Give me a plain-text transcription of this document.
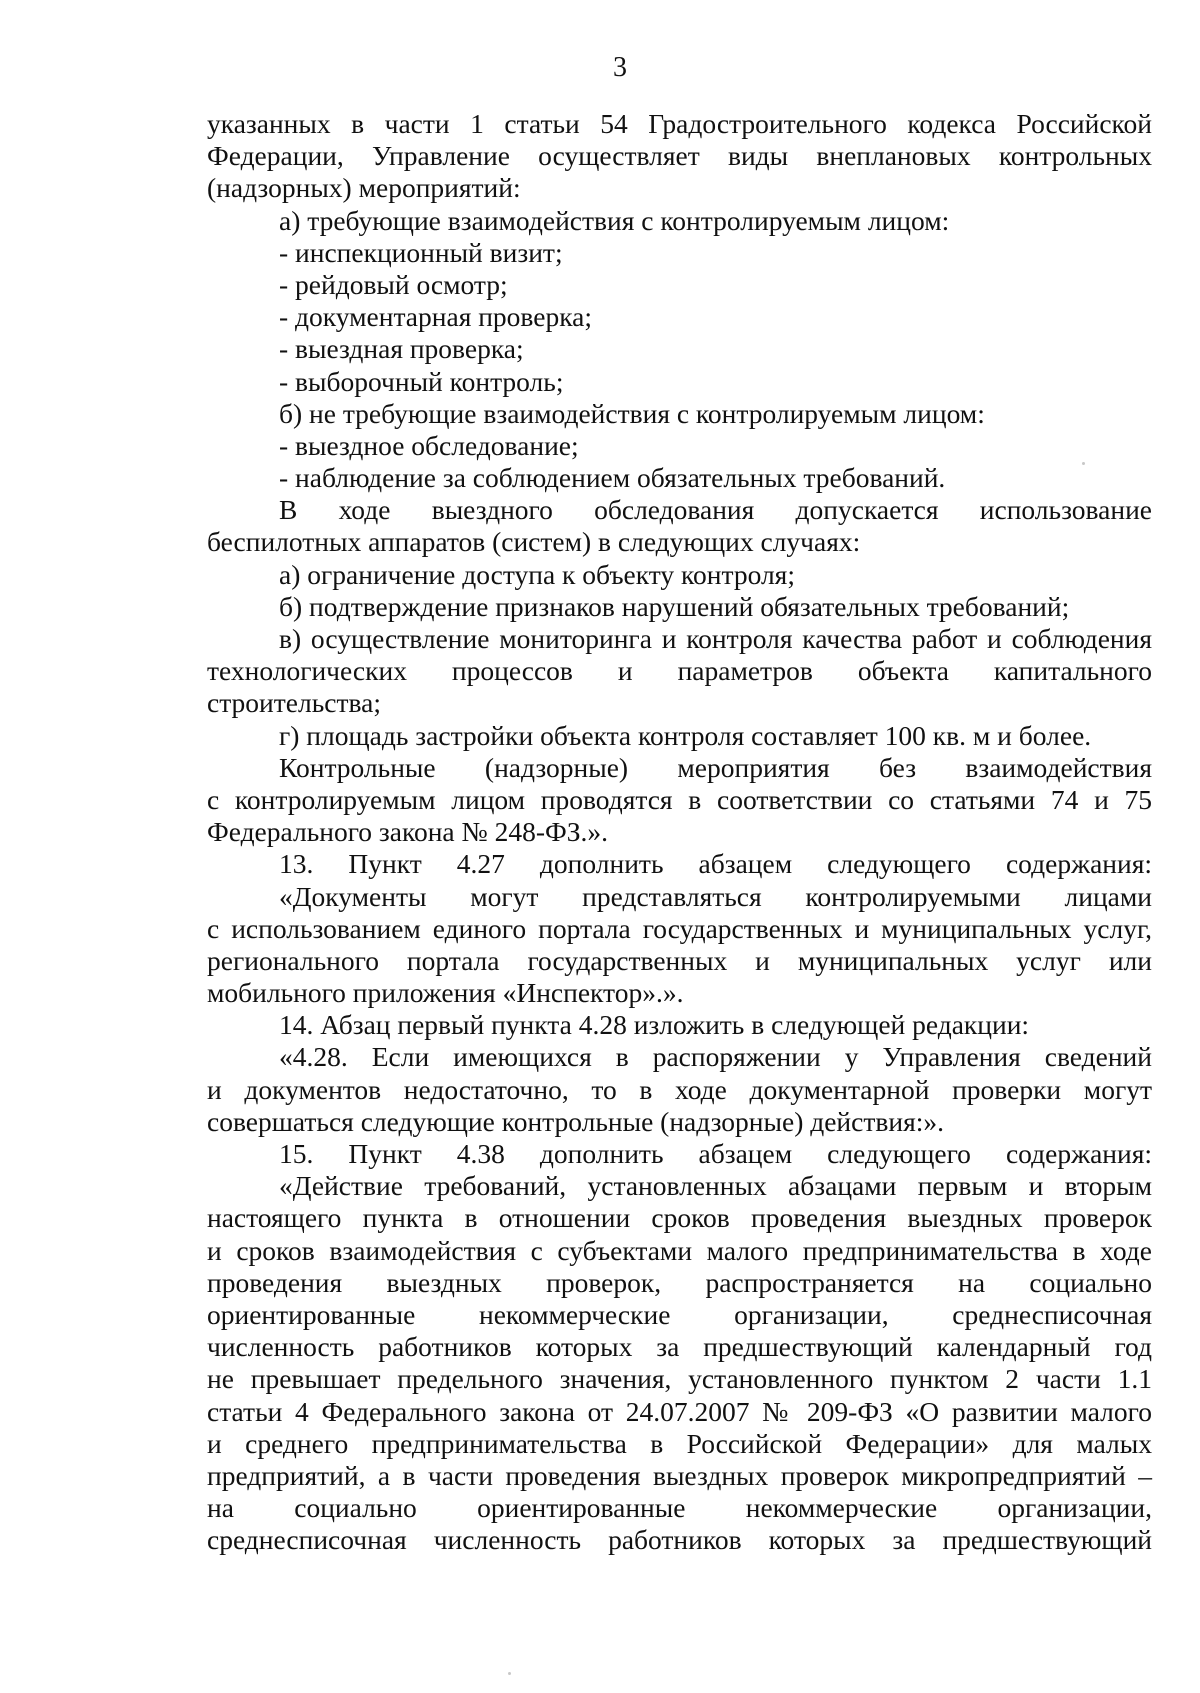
3
указанных в части 1 статьи 54 Градостроительного кодекса Российской
Федерации, Управление осуществляет виды внеплановых контрольных
(надзорных) мероприятий:
а) требующие взаимодействия с контролируемым лицом:
- инспекционный визит;
- рейдовый осмотр;
- документарная проверка;
- выездная проверка;
- выборочный контроль;
б) не требующие взаимодействия с контролируемым лицом:
- выездное обследование;
- наблюдение за соблюдением обязательных требований.
В ходе выездного обследования допускается использование
беспилотных аппаратов (систем) в следующих случаях:
а) ограничение доступа к объекту контроля;
б) подтверждение признаков нарушений обязательных требований;
в) осуществление мониторинга и контроля качества работ и соблюдения
технологических процессов и параметров объекта капитального
строительства;
г) площадь застройки объекта контроля составляет 100 кв. м и более.
Контрольные (надзорные) мероприятия без взаимодействия
с контролируемым лицом проводятся в соответствии со статьями 74 и 75
Федерального закона № 248-ФЗ.».
13. Пункт 4.27 дополнить абзацем следующего содержания:
«Документы могут представляться контролируемыми лицами
с использованием единого портала государственных и муниципальных услуг,
регионального портала государственных и муниципальных услуг или
мобильного приложения «Инспектор».».
14. Абзац первый пункта 4.28 изложить в следующей редакции:
«4.28. Если имеющихся в распоряжении у Управления сведений
и документов недостаточно, то в ходе документарной проверки могут
совершаться следующие контрольные (надзорные) действия:».
15. Пункт 4.38 дополнить абзацем следующего содержания:
«Действие требований, установленных абзацами первым и вторым
настоящего пункта в отношении сроков проведения выездных проверок
и сроков взаимодействия с субъектами малого предпринимательства в ходе
проведения выездных проверок, распространяется на социально
ориентированные некоммерческие организации, среднесписочная
численность работников которых за предшествующий календарный год
не превышает предельного значения, установленного пунктом 2 части 1.1
статьи 4 Федерального закона от 24.07.2007 № 209-ФЗ «О развитии малого
и среднего предпринимательства в Российской Федерации» для малых
предприятий, а в части проведения выездных проверок микропредприятий –
на социально ориентированные некоммерческие организации,
среднесписочная численность работников которых за предшествующий
